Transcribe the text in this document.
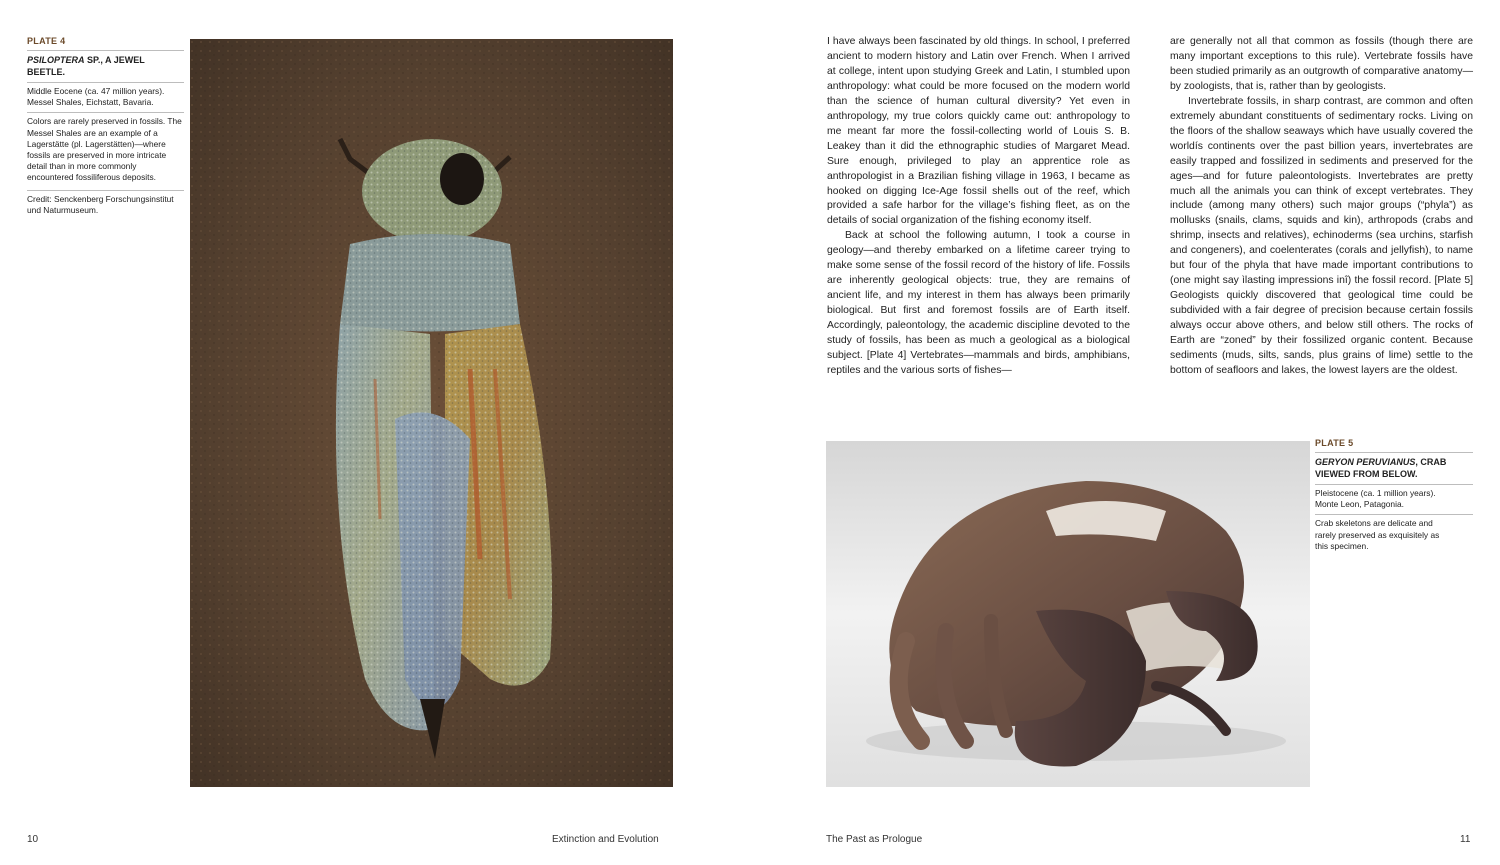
PLATE 4
PSILOPTERA SP., A JEWEL BEETLE.

Middle Eocene (ca. 47 million years).

Messel Shales, Eichstatt, Bavaria.

Colors are rarely preserved in fossils. The Messel Shales are an example of a Lagerstätte (pl. Lagerstätten)—where fossils are preserved in more intricate detail than in more commonly encountered fossiliferous deposits.
Credit: Senckenberg Forschungsinstitut und Naturmuseum.
10	Extinction and Evolution

I have always been fascinated by old things. In school, I preferred ancient to modern history and Latin over French. When I arrived at college, intent upon studying Greek and Latin, I stumbled upon anthropology: what could be more focused on the modern world than the science of human cultural diversity? Yet even in anthropology, my true colors quickly came out: anthropology to me meant far more the fossil-collecting world of Louis S. B. Leakey than it did the ethnographic studies of Margaret Mead. Sure enough, privileged to play an apprentice role as anthropologist in a Brazilian fishing village in 1963, I became as hooked on digging Ice-Age fossil shells out of the reef, which provided a safe harbor for the village’s fishing fleet, as on the details of social organization of the fishing economy itself.

Back at school the following autumn, I took a course in geology—and thereby embarked on a lifetime career trying to make some sense of the fossil record of the history of life. Fossils are inherently geological objects: true, they are remains of ancient life, and my interest in them has always been primarily biological. But first and foremost fossils are of Earth itself. Accordingly, paleontology, the academic discipline devoted to the study of fossils, has been as much a geological as a biological subject. [Plate 4] Vertebrates—mammals and birds, amphibians, reptiles and the various sorts of fishes—

are generally not all that common as fossils (though there are many important exceptions to this rule). Vertebrate fossils have been studied primarily as an outgrowth of comparative anatomy—by zoologists, that is, rather than by geologists.

Invertebrate fossils, in sharp contrast, are common and often extremely abundant constituents of sedimentary rocks. Living on the floors of the shallow seaways which have usually covered the worldís continents over the past billion years, invertebrates are easily trapped and fossilized in sediments and preserved for the ages—and for future paleontologists. Invertebrates are pretty much all the animals you can think of except vertebrates. They include (among many others) such major groups (“phyla”) as mollusks (snails, clams, squids and kin), arthropods (crabs and shrimp, insects and relatives), echinoderms (sea urchins, starfish and congeners), and coelenterates (corals and jellyfish), to name but four of the phyla that have made important contributions to (one might say ìlasting impressions inî) the fossil record. [Plate 5] Geologists quickly discovered that geological time could be subdivided with a fair degree of precision because certain fossils always occur above others, and below still others. The rocks of Earth are “zoned” by their fossilized organic content. Because sediments (muds, silts, sands, plus grains of lime) settle to the bottom of seafloors and lakes, the lowest layers are the oldest.

PLATE 5
GERYON PERUVIANUS, CRAB VIEWED FROM BELOW.

Pleistocene (ca. 1 million years).

Monte Leon, Patagonia.

Crab skeletons are delicate and rarely preserved as exquisitely as this specimen.
The Past as Prologue	11
